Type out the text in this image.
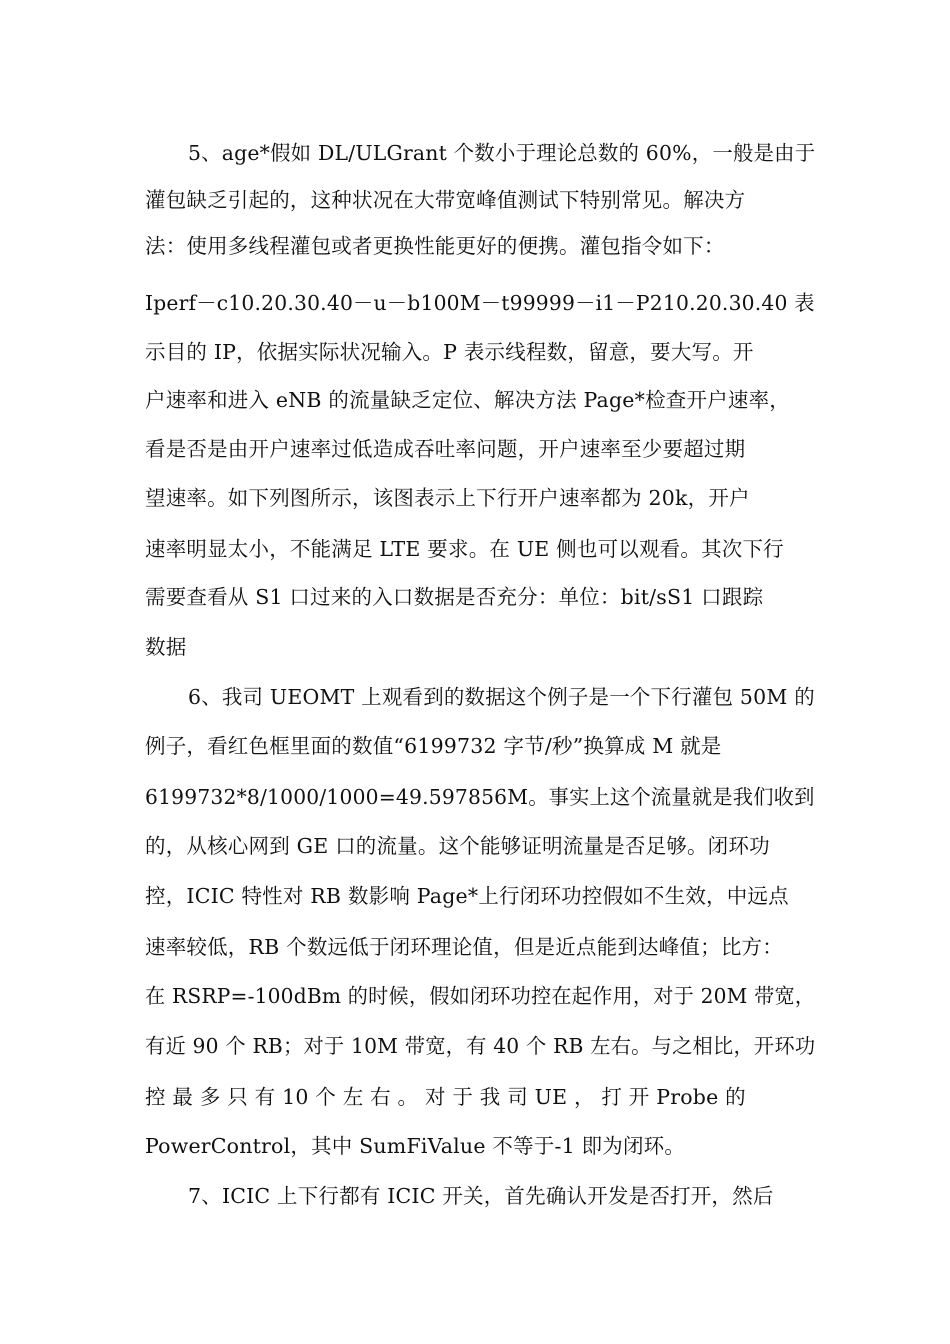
5、age*假如 DL/ULGrant 个数小于理论总数的 60%，一般是由于
灌包缺乏引起的，这种状况在大带宽峰值测试下特别常见。解决方
法：使用多线程灌包或者更换性能更好的便携。灌包指令如下：
Iperf－c10.20.30.40－u－b100M－t99999－i1－P210.20.30.40 表
示目的 IP，依据实际状况输入。P 表示线程数，留意，要大写。开
户速率和进入 eNB 的流量缺乏定位、解决方法 Page*检查开户速率，
看是否是由开户速率过低造成吞吐率问题，开户速率至少要超过期
望速率。如下列图所示，该图表示上下行开户速率都为 20k，开户
速率明显太小，不能满足 LTE 要求。在 UE 侧也可以观看。其次下行
需要查看从 S1 口过来的入口数据是否充分：单位：bit/sS1 口跟踪
数据
6、我司 UEOMT 上观看到的数据这个例子是一个下行灌包 50M 的
例子，看红色框里面的数值“6199732 字节/秒”换算成 M 就是
6199732*8/1000/1000=49.597856M。事实上这个流量就是我们收到
的，从核心网到 GE 口的流量。这个能够证明流量是否足够。闭环功
控，ICIC 特性对 RB 数影响 Page*上行闭环功控假如不生效，中远点
速率较低，RB 个数远低于闭环理论值，但是近点能到达峰值；比方：
在 RSRP=-100dBm 的时候，假如闭环功控在起作用，对于 20M 带宽，
有近 90 个 RB；对于 10M 带宽，有 40 个 RB 左右。与之相比，开环功
控 最 多 只 有 10 个 左 右 。 对 于 我 司 UE ， 打 开 Probe 的
PowerControl，其中 SumFiValue 不等于-1 即为闭环。
7、ICIC 上下行都有 ICIC 开关，首先确认开发是否打开，然后
